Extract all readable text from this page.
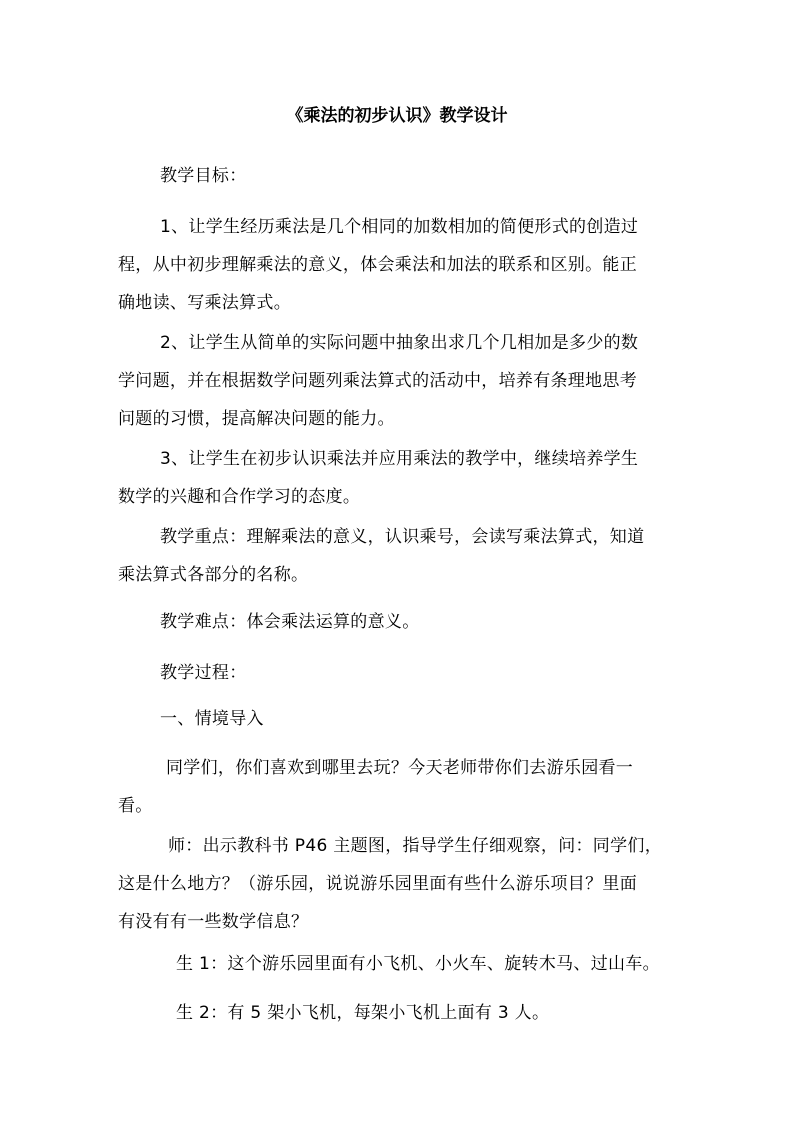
《乘法的初步认识》教学设计
教学目标：
1、让学生经历乘法是几个相同的加数相加的简便形式的创造过
程，从中初步理解乘法的意义，体会乘法和加法的联系和区别。能正
确地读、写乘法算式。
2、让学生从简单的实际问题中抽象出求几个几相加是多少的数
学问题，并在根据数学问题列乘法算式的活动中，培养有条理地思考
问题的习惯，提高解决问题的能力。
3、让学生在初步认识乘法并应用乘法的教学中，继续培养学生
数学的兴趣和合作学习的态度。
教学重点：理解乘法的意义，认识乘号，会读写乘法算式，知道
乘法算式各部分的名称。
教学难点：体会乘法运算的意义。
教学过程：
一、情境导入
同学们，你们喜欢到哪里去玩？今天老师带你们去游乐园看一
看。
师：出示教科书 P46 主题图，指导学生仔细观察，问：同学们，
这是什么地方？（游乐园，说说游乐园里面有些什么游乐项目？里面
有没有有一些数学信息？
生 1：这个游乐园里面有小飞机、小火车、旋转木马、过山车。
生 2：有 5 架小飞机，每架小飞机上面有 3 人。
